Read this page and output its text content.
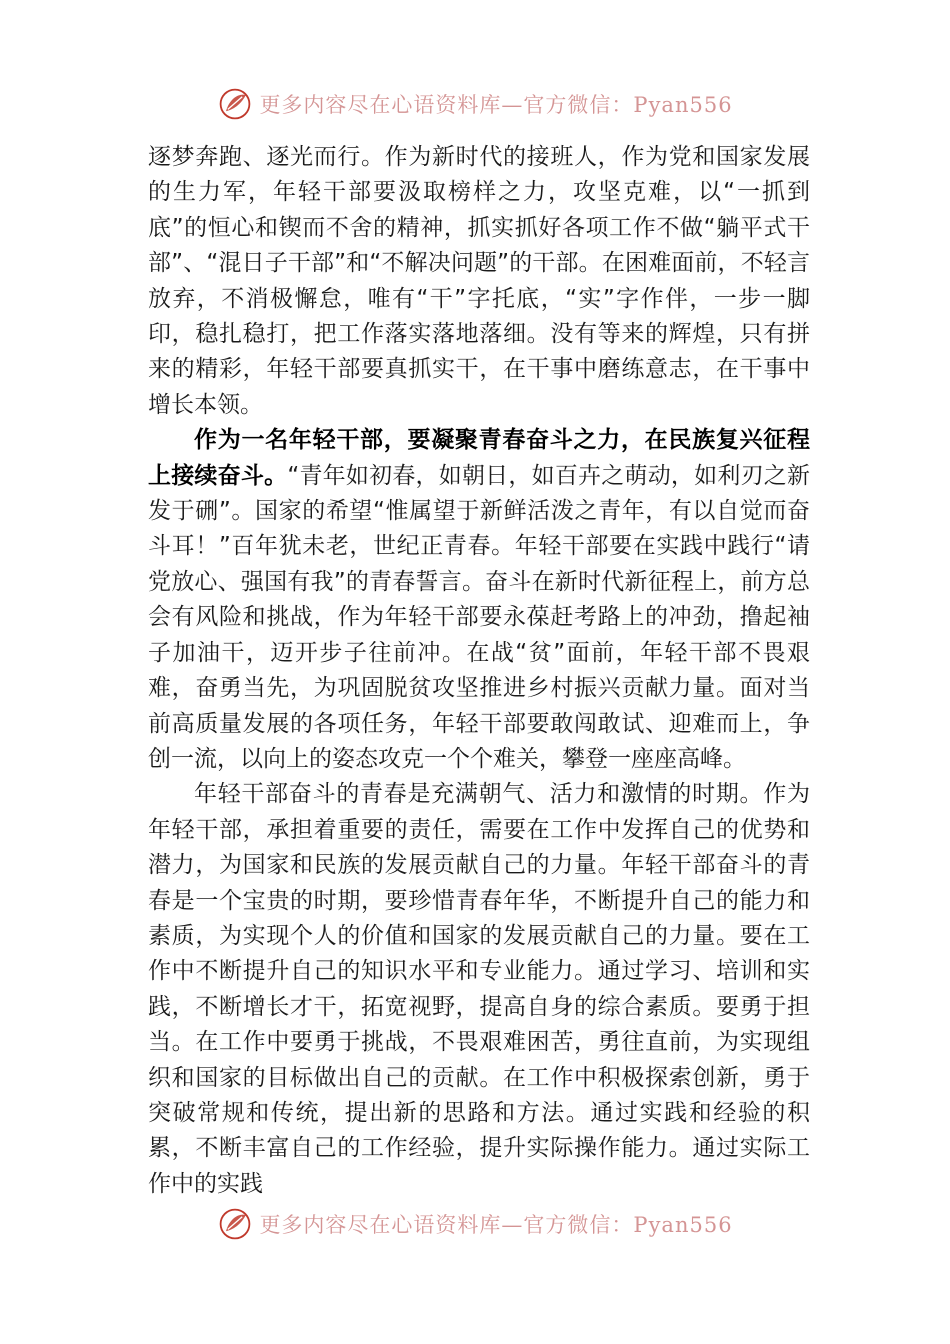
更多内容尽在心语资料库—官方微信：Pyan556

逐梦奔跑、逐光而行。作为新时代的接班人，作为党和国家发展的生力军，年轻干部要汲取榜样之力，攻坚克难，以“一抓到底”的恒心和锲而不舍的精神，抓实抓好各项工作不做“躺平式干部”、“混日子干部”和“不解决问题”的干部。在困难面前，不轻言放弃，不消极懈怠，唯有“干”字托底，“实”字作伴，一步一脚印，稳扎稳打，把工作落实落地落细。没有等来的辉煌，只有拼来的精彩，年轻干部要真抓实干，在干事中磨练意志，在干事中增长本领。

作为一名年轻干部，要凝聚青春奋斗之力，在民族复兴征程上接续奋斗。“青年如初春，如朝日，如百卉之萌动，如利刃之新发于硎”。国家的希望“惟属望于新鲜活泼之青年，有以自觉而奋斗耳！”百年犹未老，世纪正青春。年轻干部要在实践中践行“请党放心、强国有我”的青春誓言。奋斗在新时代新征程上，前方总会有风险和挑战，作为年轻干部要永葆赶考路上的冲劲，撸起袖子加油干，迈开步子往前冲。在战“贫”面前，年轻干部不畏艰难，奋勇当先，为巩固脱贫攻坚推进乡村振兴贡献力量。面对当前高质量发展的各项任务，年轻干部要敢闯敢试、迎难而上，争创一流，以向上的姿态攻克一个个难关，攀登一座座高峰。

年轻干部奋斗的青春是充满朝气、活力和激情的时期。作为年轻干部，承担着重要的责任，需要在工作中发挥自己的优势和潜力，为国家和民族的发展贡献自己的力量。年轻干部奋斗的青春是一个宝贵的时期，要珍惜青春年华，不断提升自己的能力和素质，为实现个人的价值和国家的发展贡献自己的力量。要在工作中不断提升自己的知识水平和专业能力。通过学习、培训和实践，不断增长才干，拓宽视野，提高自身的综合素质。要勇于担当。在工作中要勇于挑战，不畏艰难困苦，勇往直前，为实现组织和国家的目标做出自己的贡献。在工作中积极探索创新，勇于突破常规和传统，提出新的思路和方法。通过实践和经验的积累，不断丰富自己的工作经验，提升实际操作能力。通过实际工作中的实践

更多内容尽在心语资料库—官方微信：Pyan556
